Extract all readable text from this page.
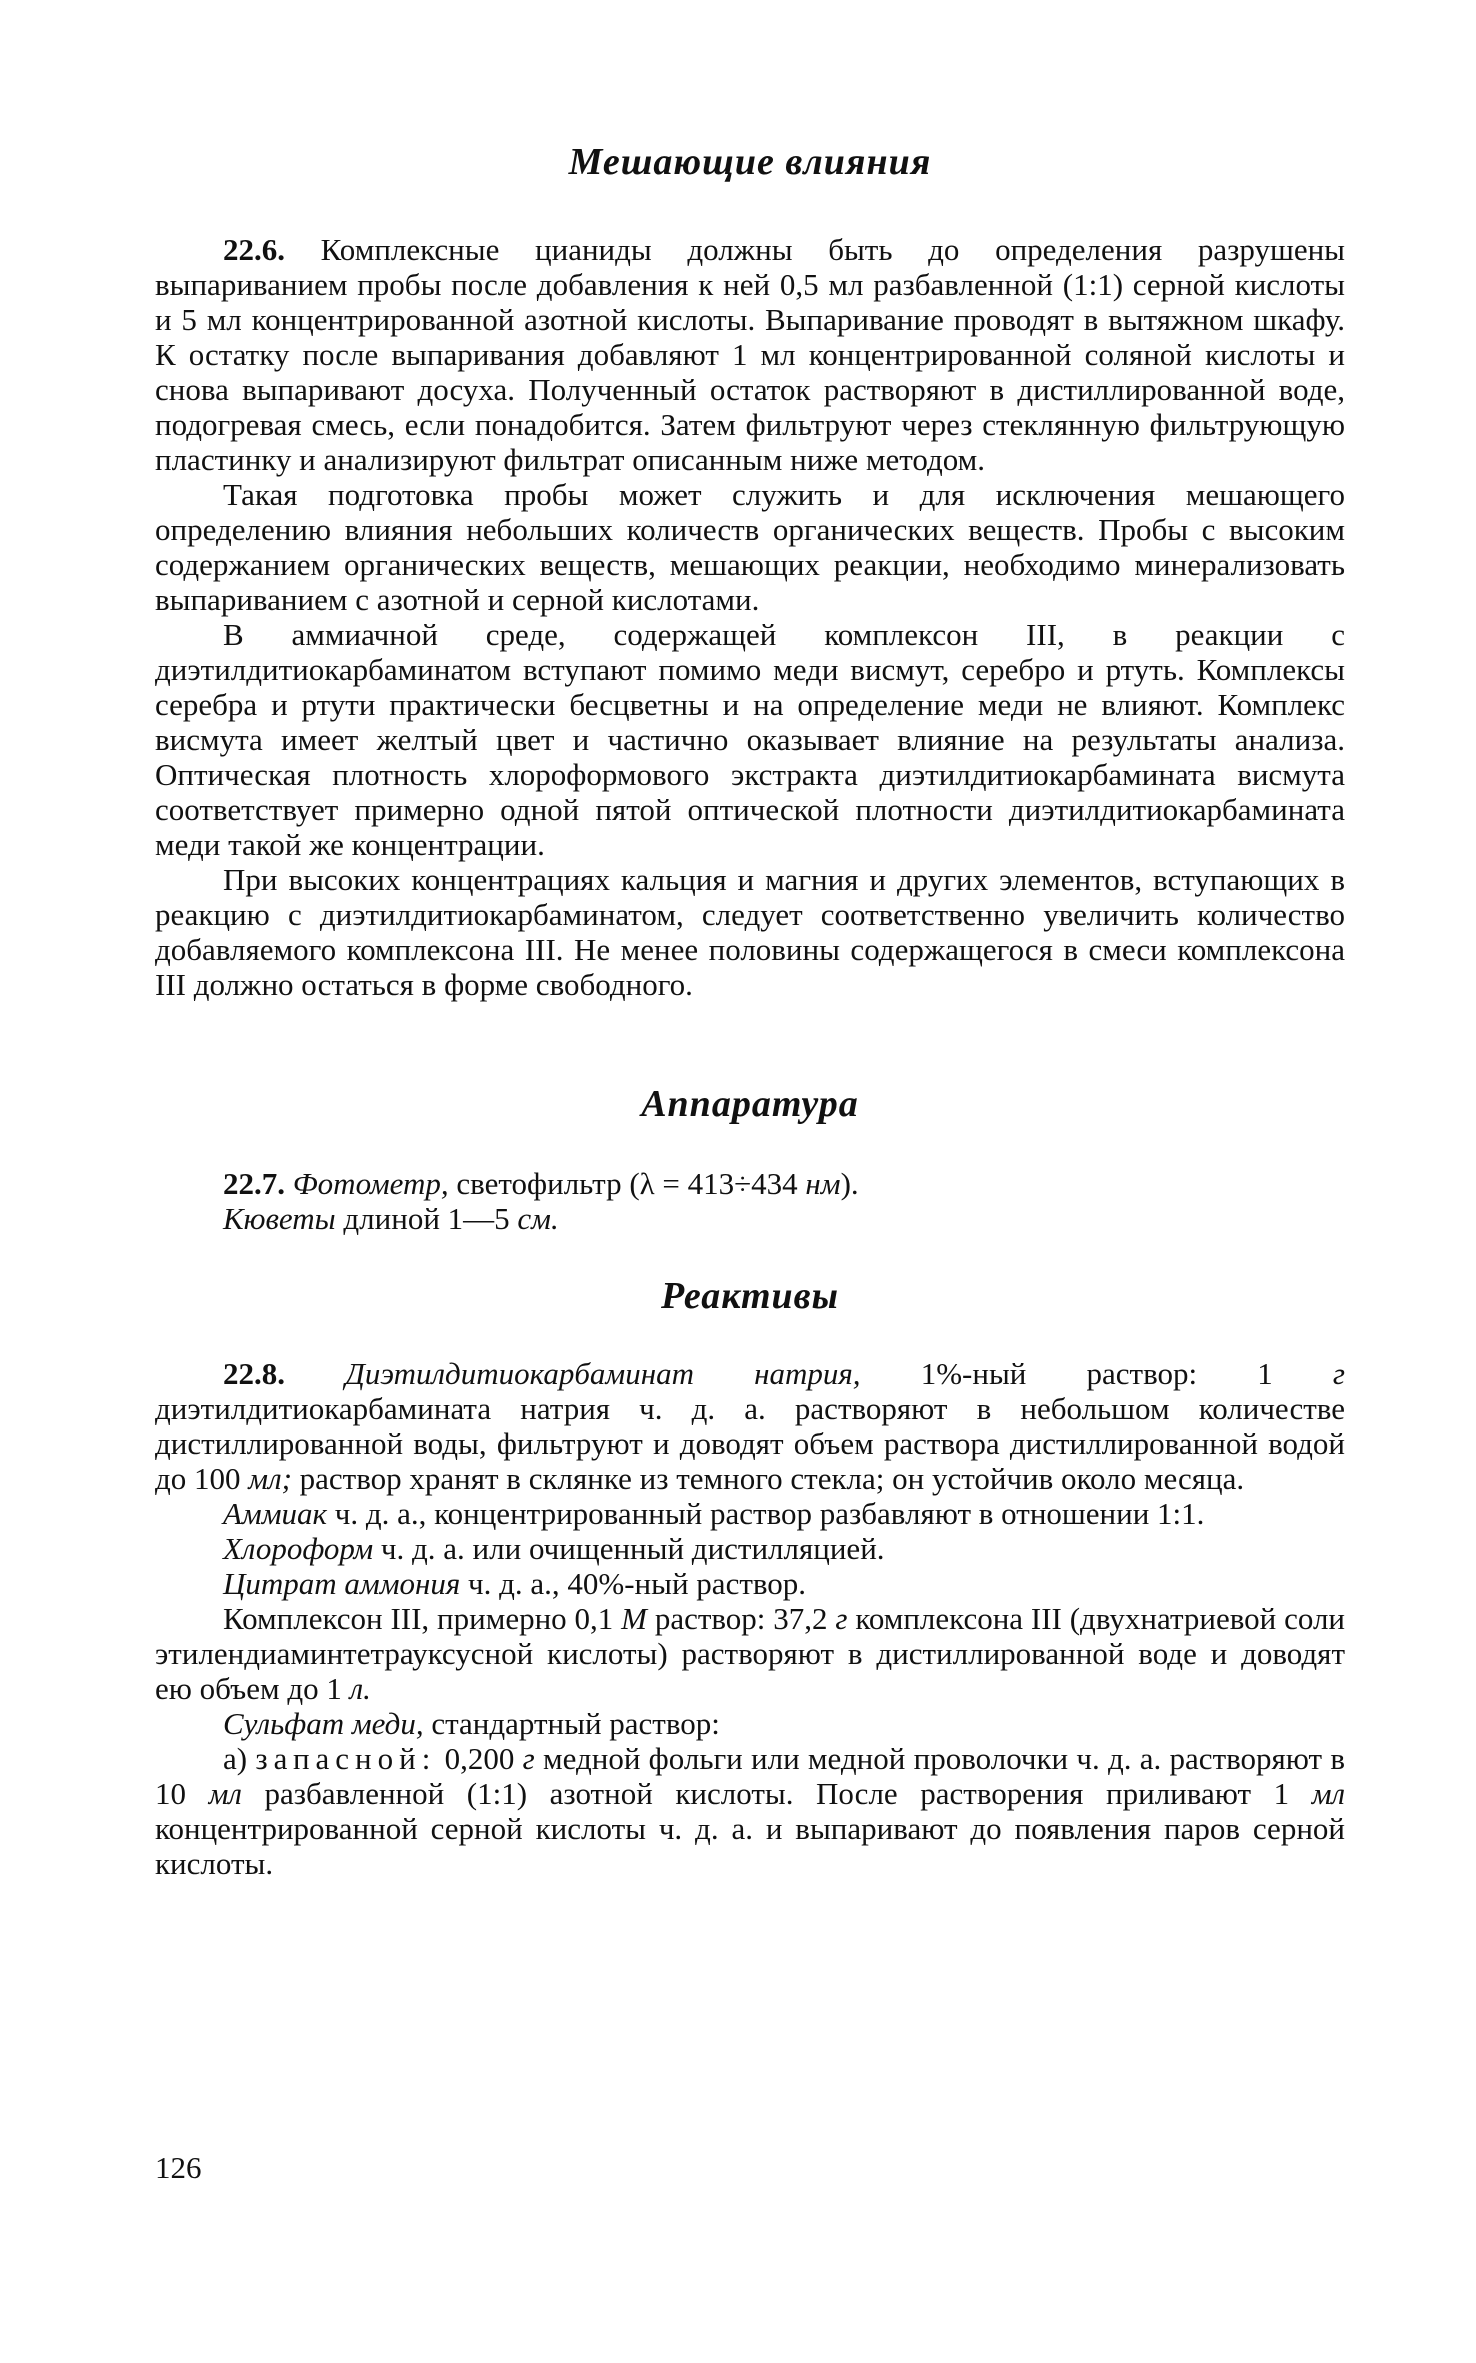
Мешающие влияния

22.6. Комплексные цианиды должны быть до определения разрушены выпариванием пробы после добавления к ней 0,5 мл разбавленной (1:1) серной кислоты и 5 мл концентрированной азотной кислоты. Выпаривание проводят в вытяжном шкафу. К остатку после выпаривания добавляют 1 мл концентрированной соляной кислоты и снова выпаривают досуха. Полученный остаток растворяют в дистиллированной воде, подогревая смесь, если понадобится. Затем фильтруют через стеклянную фильтрующую пластинку и анализируют фильтрат описанным ниже методом.

Такая подготовка пробы может служить и для исключения мешающего определению влияния небольших количеств органических веществ. Пробы с высоким содержанием органических веществ, мешающих реакции, необходимо минерализовать выпариванием с азотной и серной кислотами.

В аммиачной среде, содержащей комплексон III, в реакции с диэтилдитиокарбаминатом вступают помимо меди висмут, серебро и ртуть. Комплексы серебра и ртути практически бесцветны и на определение меди не влияют. Комплекс висмута имеет желтый цвет и частично оказывает влияние на результаты анализа. Оптическая плотность хлороформового экстракта диэтилдитиокарбамината висмута соответствует примерно одной пятой оптической плотности диэтилдитиокарбамината меди такой же концентрации.

При высоких концентрациях кальция и магния и других элементов, вступающих в реакцию с диэтилдитиокарбаминатом, следует соответственно увеличить количество добавляемого комплексона III. Не менее половины содержащегося в смеси комплексона III должно остаться в форме свободного.

Аппаратура

22.7. Фотометр, светофильтр (λ = 413÷434 нм).

Кюветы длиной 1—5 см.

Реактивы

22.8. Диэтилдитиокарбаминат натрия, 1%-ный раствор: 1 г диэтилдитиокарбамината натрия ч. д. а. растворяют в небольшом количестве дистиллированной воды, фильтруют и доводят объем раствора дистиллированной водой до 100 мл; раствор хранят в склянке из темного стекла; он устойчив около месяца.

Аммиак ч. д. а., концентрированный раствор разбавляют в отношении 1:1.

Хлороформ ч. д. а. или очищенный дистилляцией.

Цитрат аммония ч. д. а., 40%-ный раствор.

Комплексон III, примерно 0,1 М раствор: 37,2 г комплексона III (двухнатриевой соли этилендиаминтетрауксусной кислоты) растворяют в дистиллированной воде и доводят ею объем до 1 л.

Сульфат меди, стандартный раствор:

а) запасной: 0,200 г медной фольги или медной проволочки ч. д. а. растворяют в 10 мл разбавленной (1:1) азотной кислоты. После растворения приливают 1 мл концентрированной серной кислоты ч. д. а. и выпаривают до появления паров серной кислоты.

126
